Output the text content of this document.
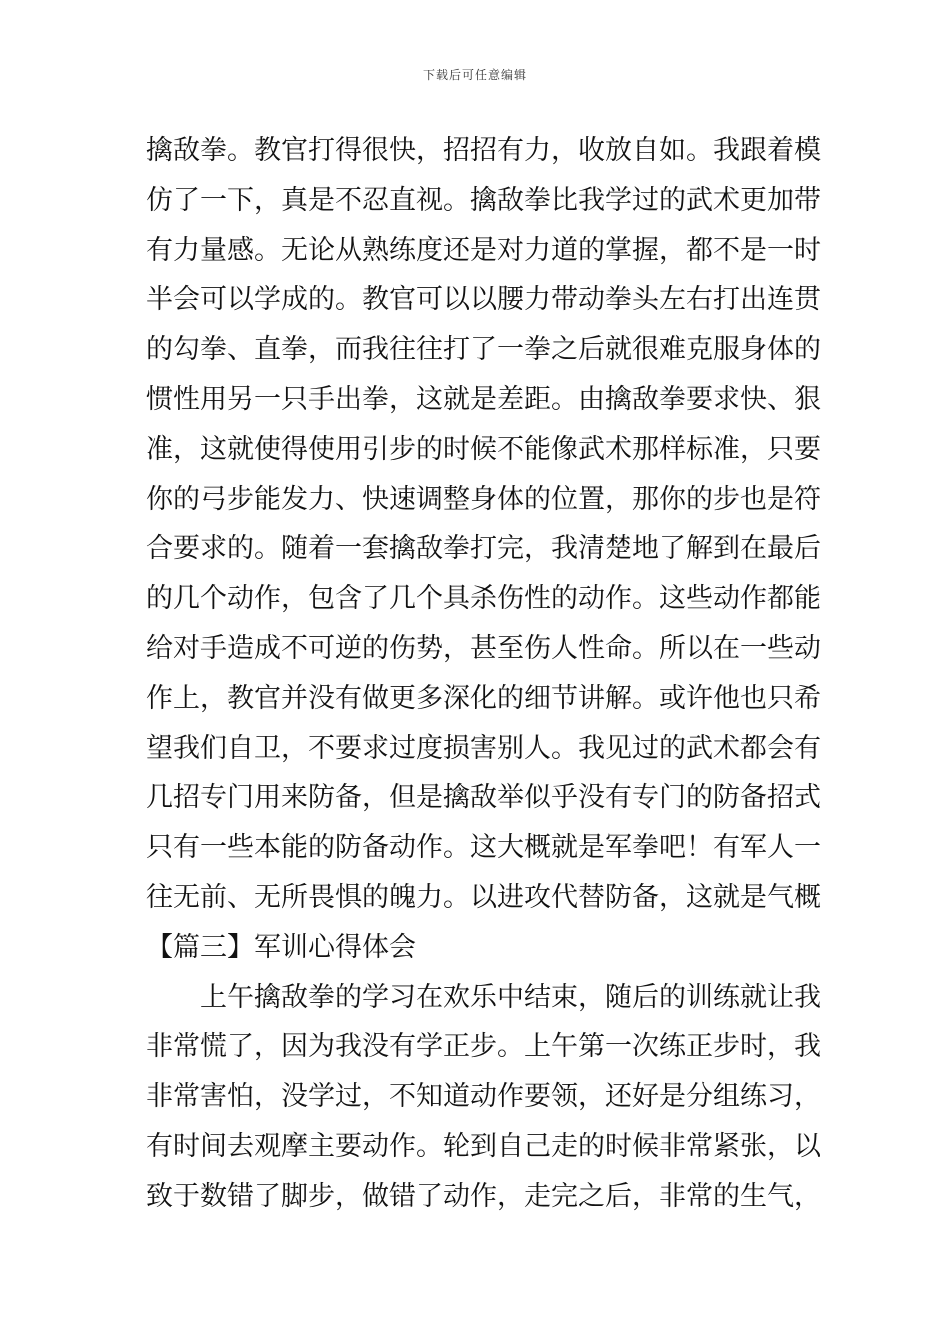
下载后可任意编辑
擒敌拳。教官打得很快，招招有力，收放自如。我跟着模
仿了一下，真是不忍直视。擒敌拳比我学过的武术更加带
有力量感。无论从熟练度还是对力道的掌握，都不是一时
半会可以学成的。教官可以以腰力带动拳头左右打出连贯
的勾拳、直拳，而我往往打了一拳之后就很难克服身体的
惯性用另一只手出拳，这就是差距。由擒敌拳要求快、狠
准，这就使得使用引步的时候不能像武术那样标准，只要
你的弓步能发力、快速调整身体的位置，那你的步也是符
合要求的。随着一套擒敌拳打完，我清楚地了解到在最后
的几个动作，包含了几个具杀伤性的动作。这些动作都能
给对手造成不可逆的伤势，甚至伤人性命。所以在一些动
作上，教官并没有做更多深化的细节讲解。或许他也只希
望我们自卫，不要求过度损害别人。我见过的武术都会有
几招专门用来防备，但是擒敌举似乎没有专门的防备招式
只有一些本能的防备动作。这大概就是军拳吧！有军人一
往无前、无所畏惧的魄力。以进攻代替防备，这就是气概
【篇三】军训心得体会
上午擒敌拳的学习在欢乐中结束，随后的训练就让我
非常慌了，因为我没有学正步。上午第一次练正步时，我
非常害怕，没学过，不知道动作要领，还好是分组练习，
有时间去观摩主要动作。轮到自己走的时候非常紧张，以
致于数错了脚步，做错了动作，走完之后，非常的生气，
